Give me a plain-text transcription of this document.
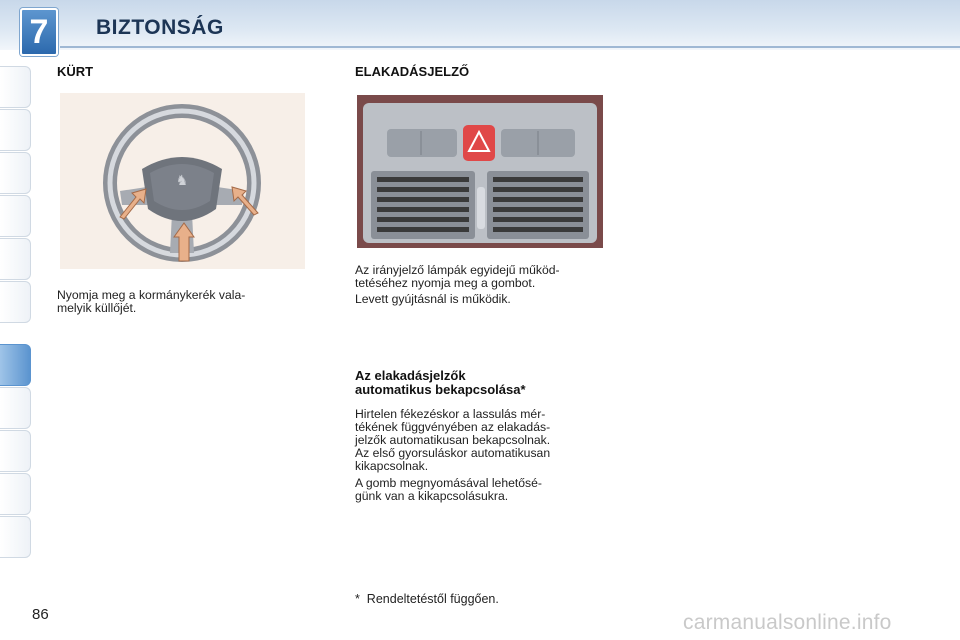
7	BIZTONSÁG
KÜRT
♞
Nyomja meg a kormánykerék vala-
melyik küllőjét.
ELAKADÁSJELZŐ
Az irányjelző lámpák egyidejű működ-
tetéséhez nyomja meg a gombot.
Levett gyújtásnál is működik.
Az elakadásjelzők
automatikus bekapcsolása*
Hirtelen fékezéskor a lassulás mér-
tékének függvényében az elakadás-
jelzők automatikusan bekapcsolnak.
Az első gyorsuláskor automatikusan
kikapcsolnak.
A gomb megnyomásával lehetősé-
günk van a kikapcsolásukra.
*  Rendeltetéstől függően.
86	carmanualsonline.info
